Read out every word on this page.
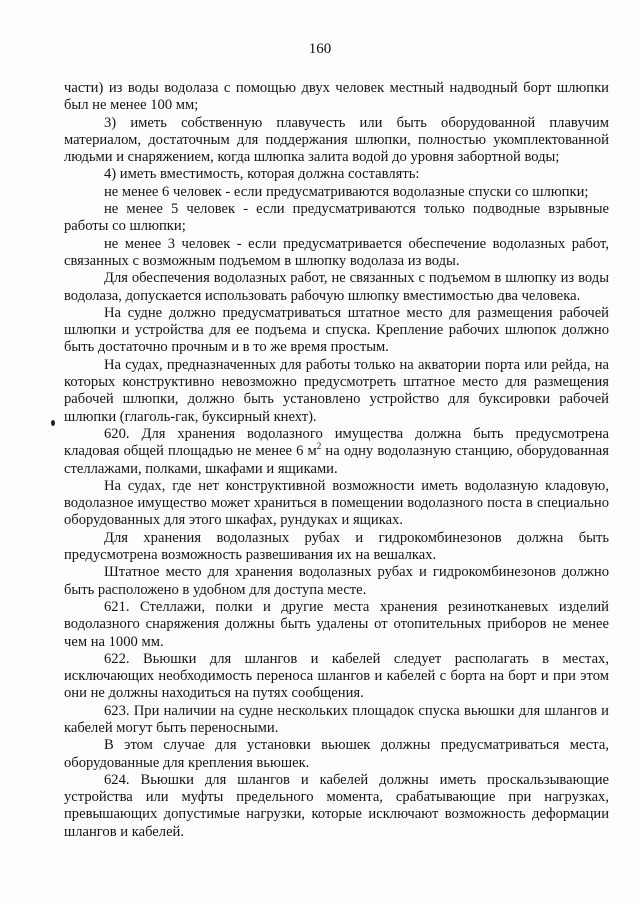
160

части) из воды водолаза с помощью двух человек местный надводный борт шлюпки был не менее 100 мм;

3) иметь собственную плавучесть или быть оборудованной плавучим материалом, достаточным для поддержания шлюпки, полностью укомплектованной людьми и снаряжением, когда шлюпка залита водой до уровня забортной воды;

4) иметь вместимость, которая должна составлять:

не менее 6 человек - если предусматриваются водолазные спуски со шлюпки;

не менее 5 человек - если предусматриваются только подводные взрывные работы со шлюпки;

не менее 3 человек - если предусматривается обеспечение водолазных работ, связанных с возможным подъемом в шлюпку водолаза из воды.

Для обеспечения водолазных работ, не связанных с подъемом в шлюпку из воды водолаза, допускается использовать рабочую шлюпку вместимостью два человека.

На судне должно предусматриваться штатное место для размещения рабочей шлюпки и устройства для ее подъема и спуска. Крепление рабочих шлюпок должно быть достаточно прочным и в то же время простым.

На судах, предназначенных для работы только на акватории порта или рейда, на которых конструктивно невозможно предусмотреть штатное место для размещения рабочей шлюпки, должно быть установлено устройство для буксировки рабочей шлюпки (глаголь-гак, буксирный кнехт).

620. Для хранения водолазного имущества должна быть предусмотрена кладовая общей площадью не менее 6 $м^2$ на одну водолазную станцию, оборудованная стеллажами, полками, шкафами и ящиками.

На судах, где нет конструктивной возможности иметь водолазную кладовую, водолазное имущество может храниться в помещении водолазного поста в специально оборудованных для этого шкафах, рундуках и ящиках.

Для хранения водолазных рубах и гидрокомбинезонов должна быть предусмотрена возможность развешивания их на вешалках.

Штатное место для хранения водолазных рубах и гидрокомбинезонов должно быть расположено в удобном для доступа месте.

621. Стеллажи, полки и другие места хранения резинотканевых изделий водолазного снаряжения должны быть удалены от отопительных приборов не менее чем на 1000 мм.

622. Вьюшки для шлангов и кабелей следует располагать в местах, исключающих необходимость переноса шлангов и кабелей с борта на борт и при этом они не должны находиться на путях сообщения.

623. При наличии на судне нескольких площадок спуска вьюшки для шлангов и кабелей могут быть переносными.

В этом случае для установки вьюшек должны предусматриваться места, оборудованные для крепления вьюшек.

624. Вьюшки для шлангов и кабелей должны иметь проскальзывающие устройства или муфты предельного момента, срабатывающие при нагрузках, превышающих допустимые нагрузки, которые исключают возможность деформации шлангов и кабелей.
